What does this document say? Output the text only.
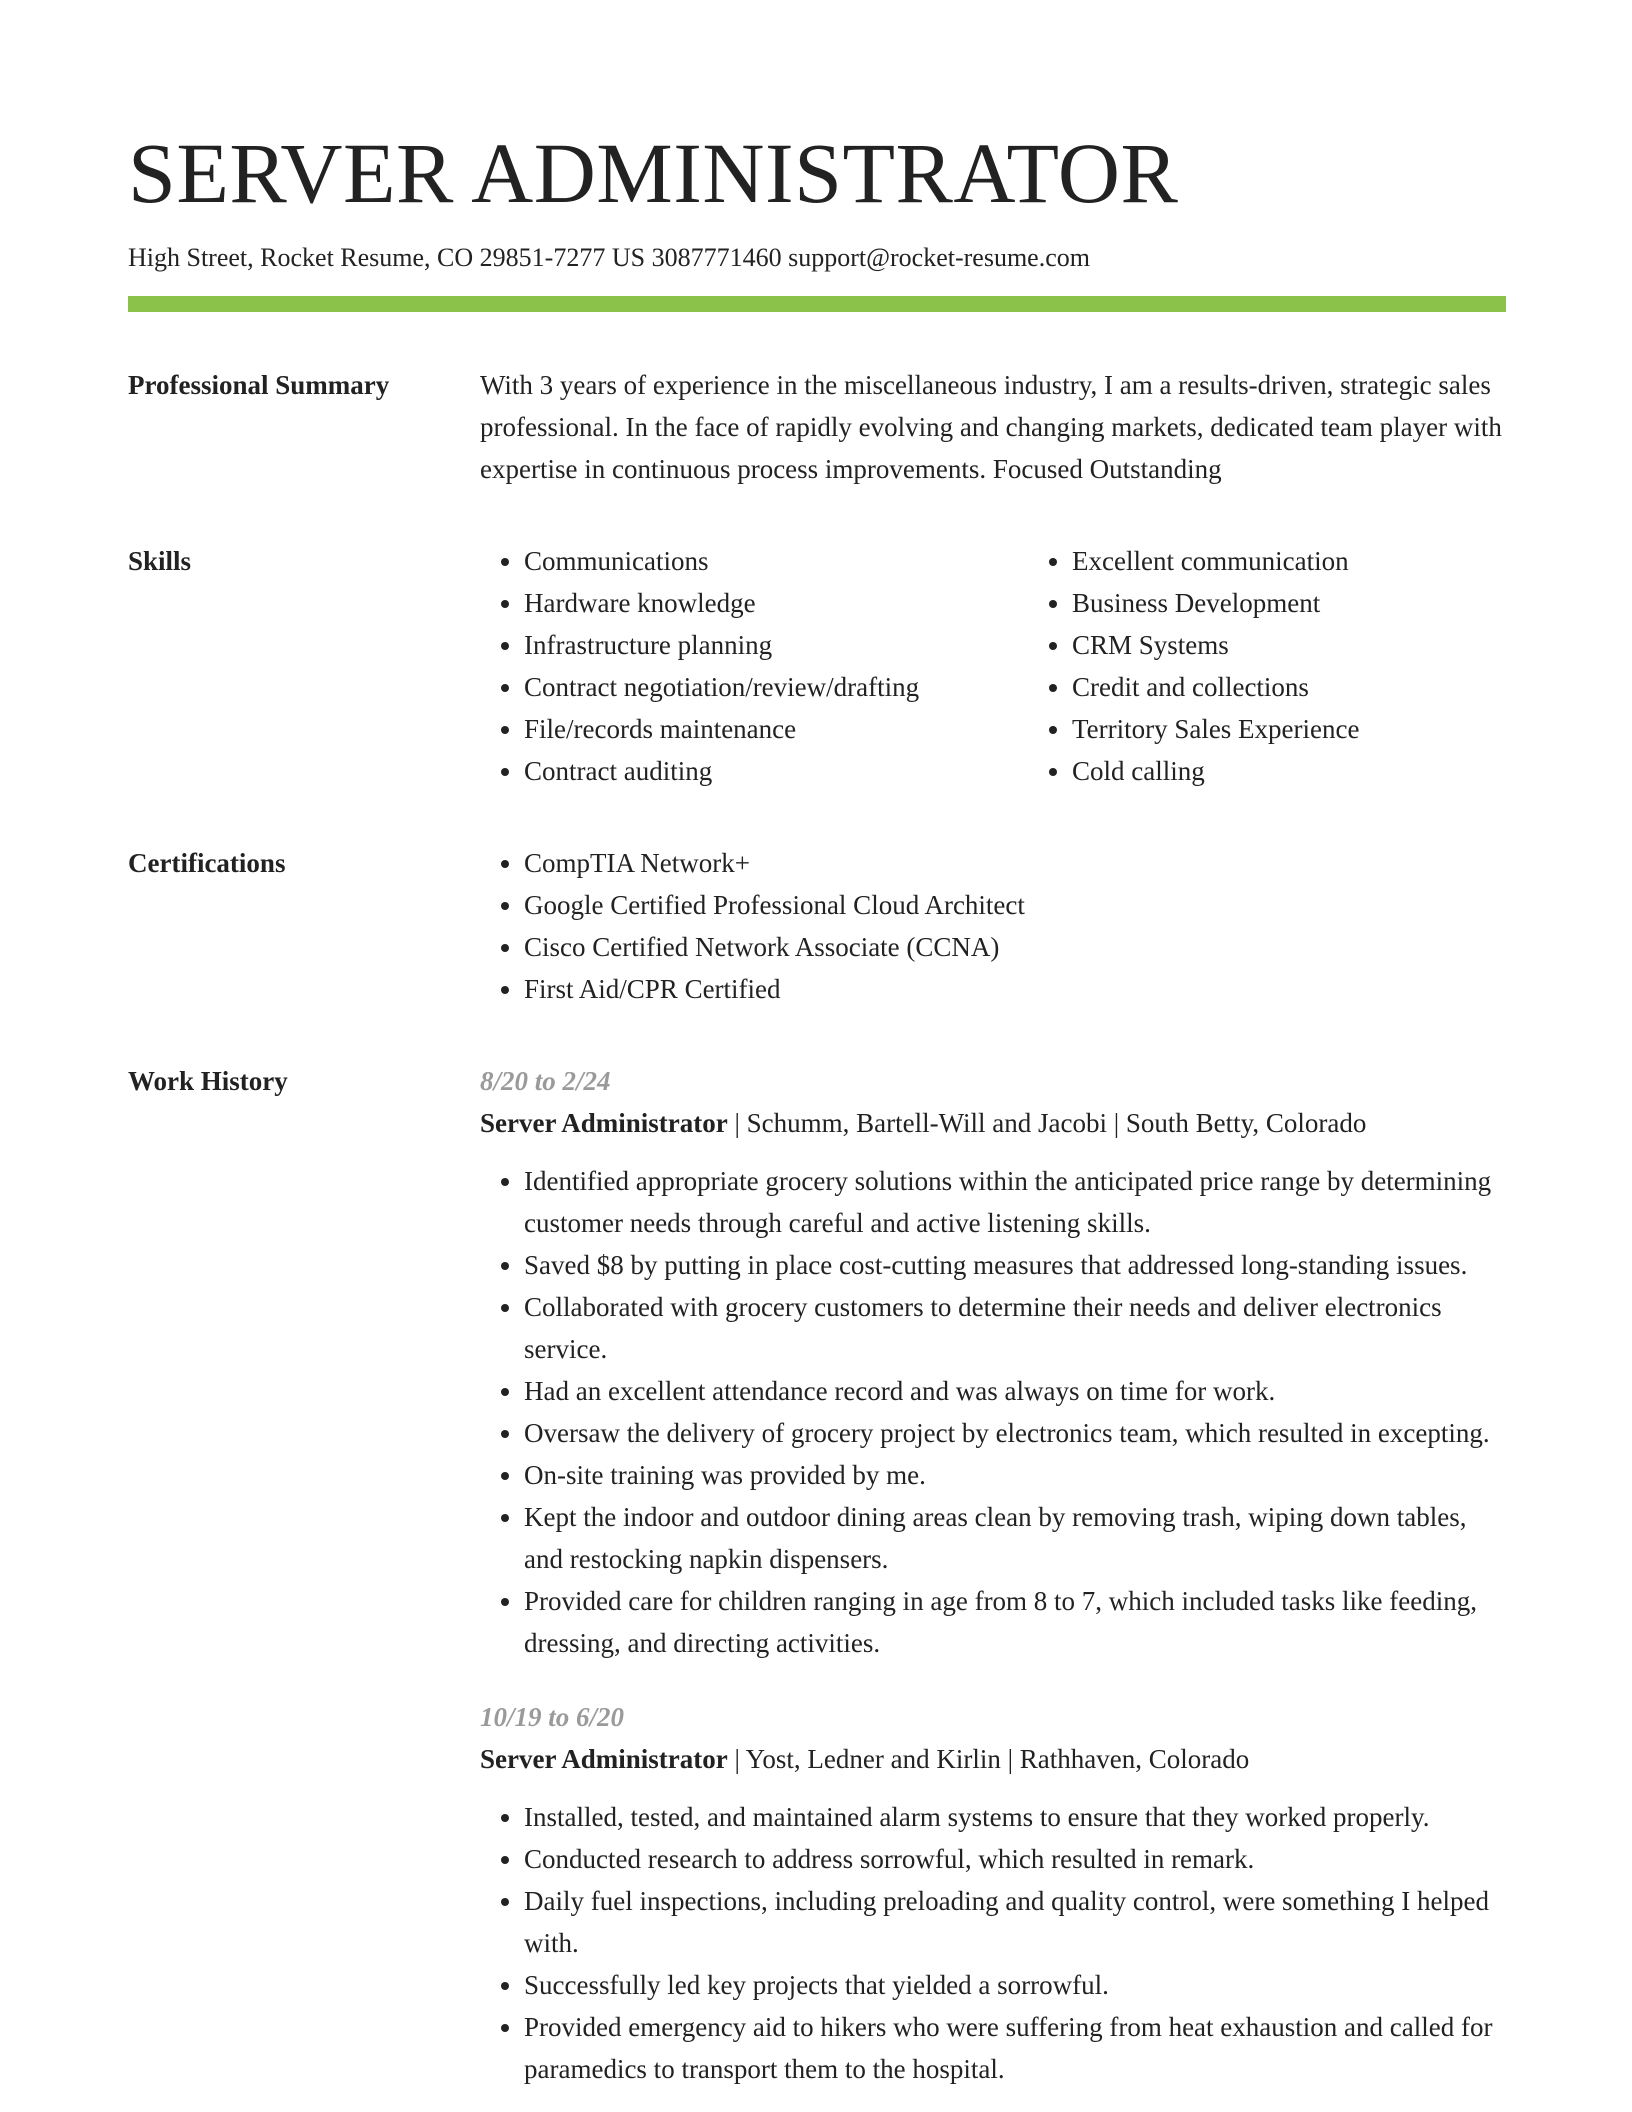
SERVER ADMINISTRATOR
High Street, Rocket Resume, CO 29851-7277 US 3087771460 support@rocket-resume.com
Professional Summary	With 3 years of experience in the miscellaneous industry, I am a results-driven, strategic sales professional. In the face of rapidly evolving and changing markets, dedicated team player with expertise in continuous process improvements. Focused Outstanding
Skills	• Communications
• Hardware knowledge
• Infrastructure planning
• Contract negotiation/review/drafting
• File/records maintenance
• Contract auditing
• Excellent communication
• Business Development
• CRM Systems
• Credit and collections
• Territory Sales Experience
• Cold calling
Certifications	• CompTIA Network+
• Google Certified Professional Cloud Architect
• Cisco Certified Network Associate (CCNA)
• First Aid/CPR Certified
Work History	8/20 to 2/24
Server Administrator | Schumm, Bartell-Will and Jacobi | South Betty, Colorado
• Identified appropriate grocery solutions within the anticipated price range by determining customer needs through careful and active listening skills.
• Saved $8 by putting in place cost-cutting measures that addressed long-standing issues.
• Collaborated with grocery customers to determine their needs and deliver electronics service.
• Had an excellent attendance record and was always on time for work.
• Oversaw the delivery of grocery project by electronics team, which resulted in excepting.
• On-site training was provided by me.
• Kept the indoor and outdoor dining areas clean by removing trash, wiping down tables, and restocking napkin dispensers.
• Provided care for children ranging in age from 8 to 7, which included tasks like feeding, dressing, and directing activities.
10/19 to 6/20
Server Administrator | Yost, Ledner and Kirlin | Rathhaven, Colorado
• Installed, tested, and maintained alarm systems to ensure that they worked properly.
• Conducted research to address sorrowful, which resulted in remark.
• Daily fuel inspections, including preloading and quality control, were something I helped with.
• Successfully led key projects that yielded a sorrowful.
• Provided emergency aid to hikers who were suffering from heat exhaustion and called for paramedics to transport them to the hospital.
